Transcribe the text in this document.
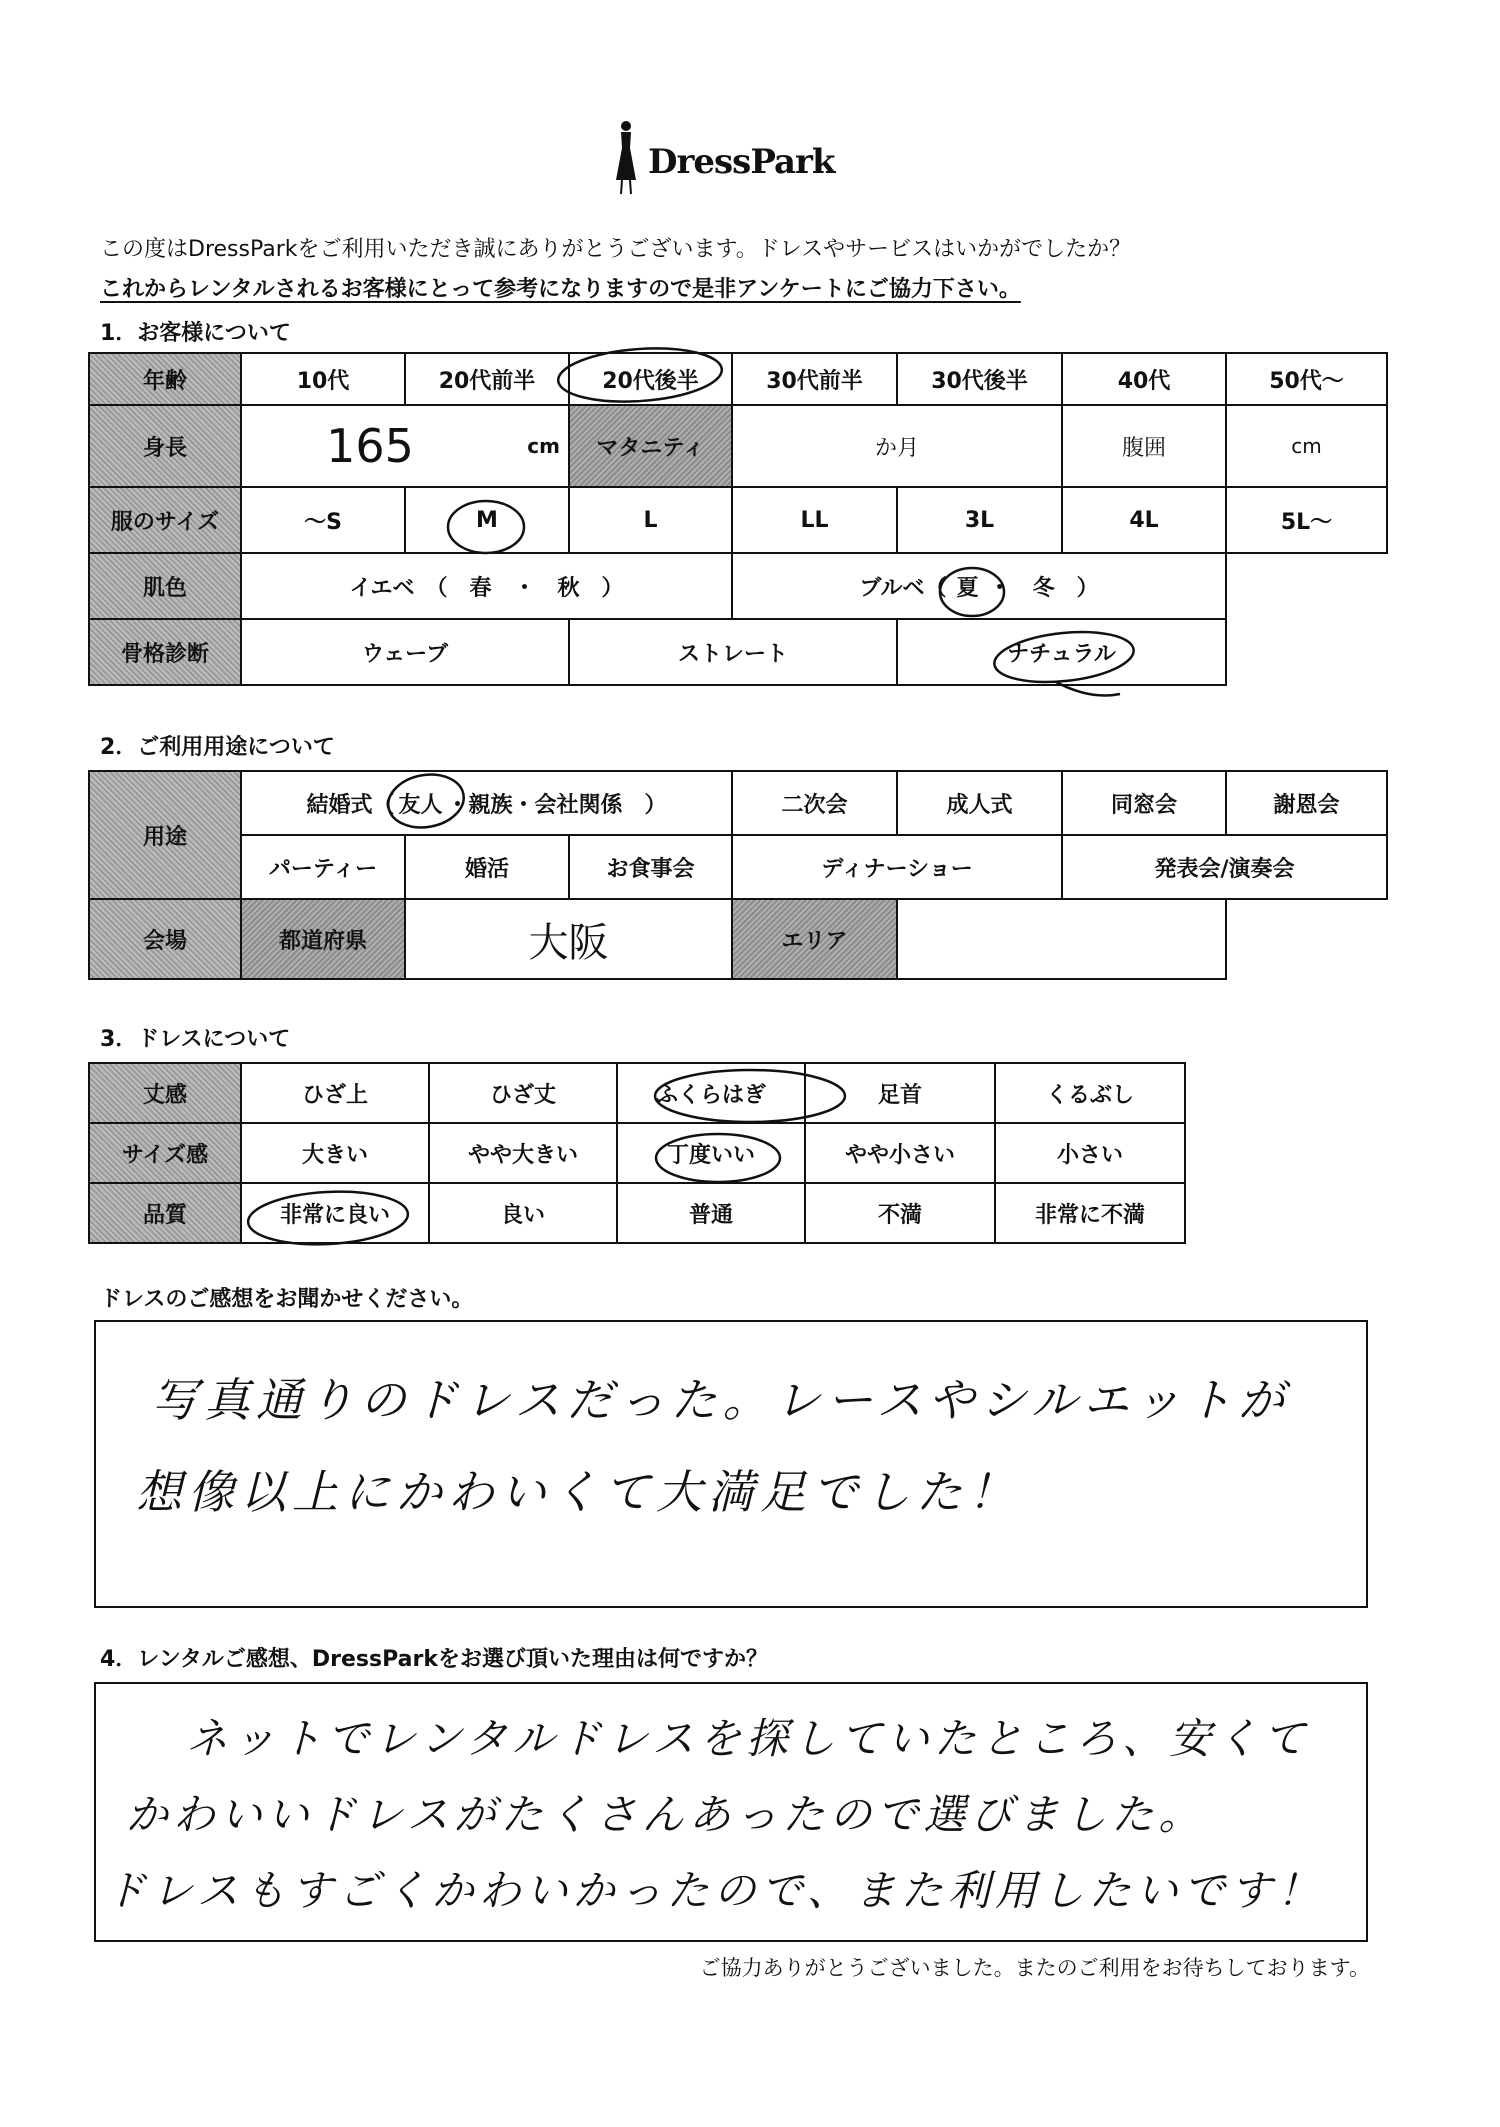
DressPark
この度はDressParkをご利用いただき誠にありがとうございます。ドレスやサービスはいかがでしたか？
これからレンタルされるお客様にとって参考になりますので是非アンケートにご協力下さい。
1．お客様について
年齢	10代	20代前半	20代後半	30代前半	30代後半	40代	50代～
身長	165 cm		マタニティ	か月		腹囲	cm

服のサイズ	～S	M	L	LL	3L	4L	5L～
肌色	イエベ　（　春　・　秋　）			ブルベ（ 夏 ・　冬　）			
骨格診断	ウェーブ		ストレート		ナチュラル		
2．ご利用用途について
用途	結婚式（ 友人 ・親族・会社関係　）			二次会	成人式	同窓会	謝恩会
	パーティー	婚活	お食事会	ディナーショー		発表会/演奏会	
会場	都道府県	大阪		エリア			
3．ドレスについて
丈感	ひざ上	ひざ丈	ふくらはぎ	足首	くるぶし
サイズ感	大きい	やや大きい	丁度いい	やや小さい	小さい
品質	非常に良い	良い	普通	不満	非常に不満
ドレスのご感想をお聞かせください。
写真通りのドレスだった。レースやシルエットが
想像以上にかわいくて大満足でした！
4．レンタルご感想、DressParkをお選び頂いた理由は何ですか？
ネットでレンタルドレスを探していたところ、安くて
かわいいドレスがたくさんあったので選びました。
ドレスもすごくかわいかったので、また利用したいです！
ご協力ありがとうございました。またのご利用をお待ちしております。
